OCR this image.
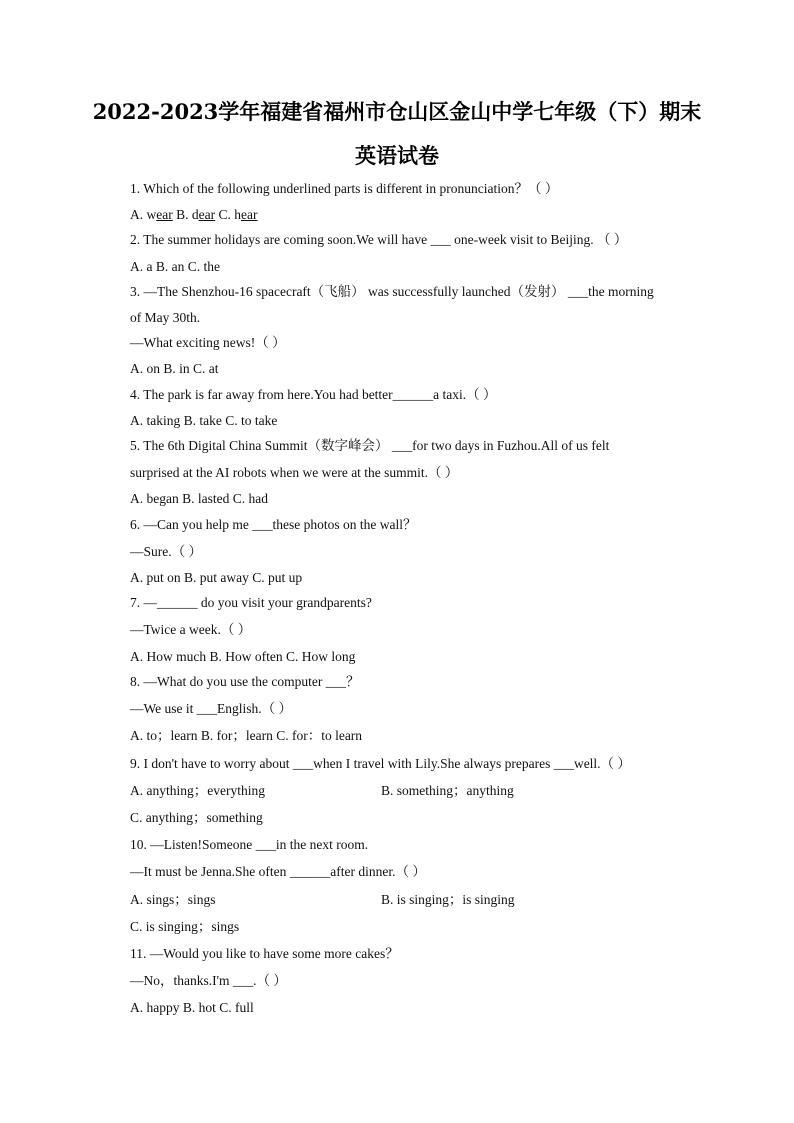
2022-2023学年福建省福州市仓山区金山中学七年级（下）期末
英语试卷
1. Which of the following underlined parts is different in pronunciation？（ ）
A. wear B. dear C. hear
2. The summer holidays are coming soon.We will have ___ one-week visit to Beijing. （ ）
A. a B. an C. the
3. —The Shenzhou-16 spacecraft（飞船） was successfully launched（发射） ___the morning
of May 30th.
—What exciting news!（ ）
A. on B. in C. at
4. The park is far away from here.You had better______a taxi.（ ）
A. taking B. take C. to take
5. The 6th Digital China Summit（数字峰会） ___for two days in Fuzhou.All of us felt
surprised at the AI robots when we were at the summit.（ ）
A. began B. lasted C. had
6. —Can you help me ___these photos on the wall？
—Sure.（ ）
A. put on B. put away C. put up
7. —______ do you visit your grandparents?
—Twice a week.（ ）
A. How much B. How often C. How long
8. —What do you use the computer ___？
—We use it ___English.（ ）
A. to；learn B. for；learn C. for：to learn
9. I don't have to worry about ___when I travel with Lily.She always prepares ___well.（ ）
A. anything；everything	B. something；anything
C. anything；something
10. —Listen!Someone ___in the next room.
—It must be Jenna.She often ______after dinner.（ ）
A. sings；sings	B. is singing；is singing
C. is singing；sings
11. —Would you like to have some more cakes？
—No，thanks.I'm ___.（ ）
A. happy B. hot C. full
